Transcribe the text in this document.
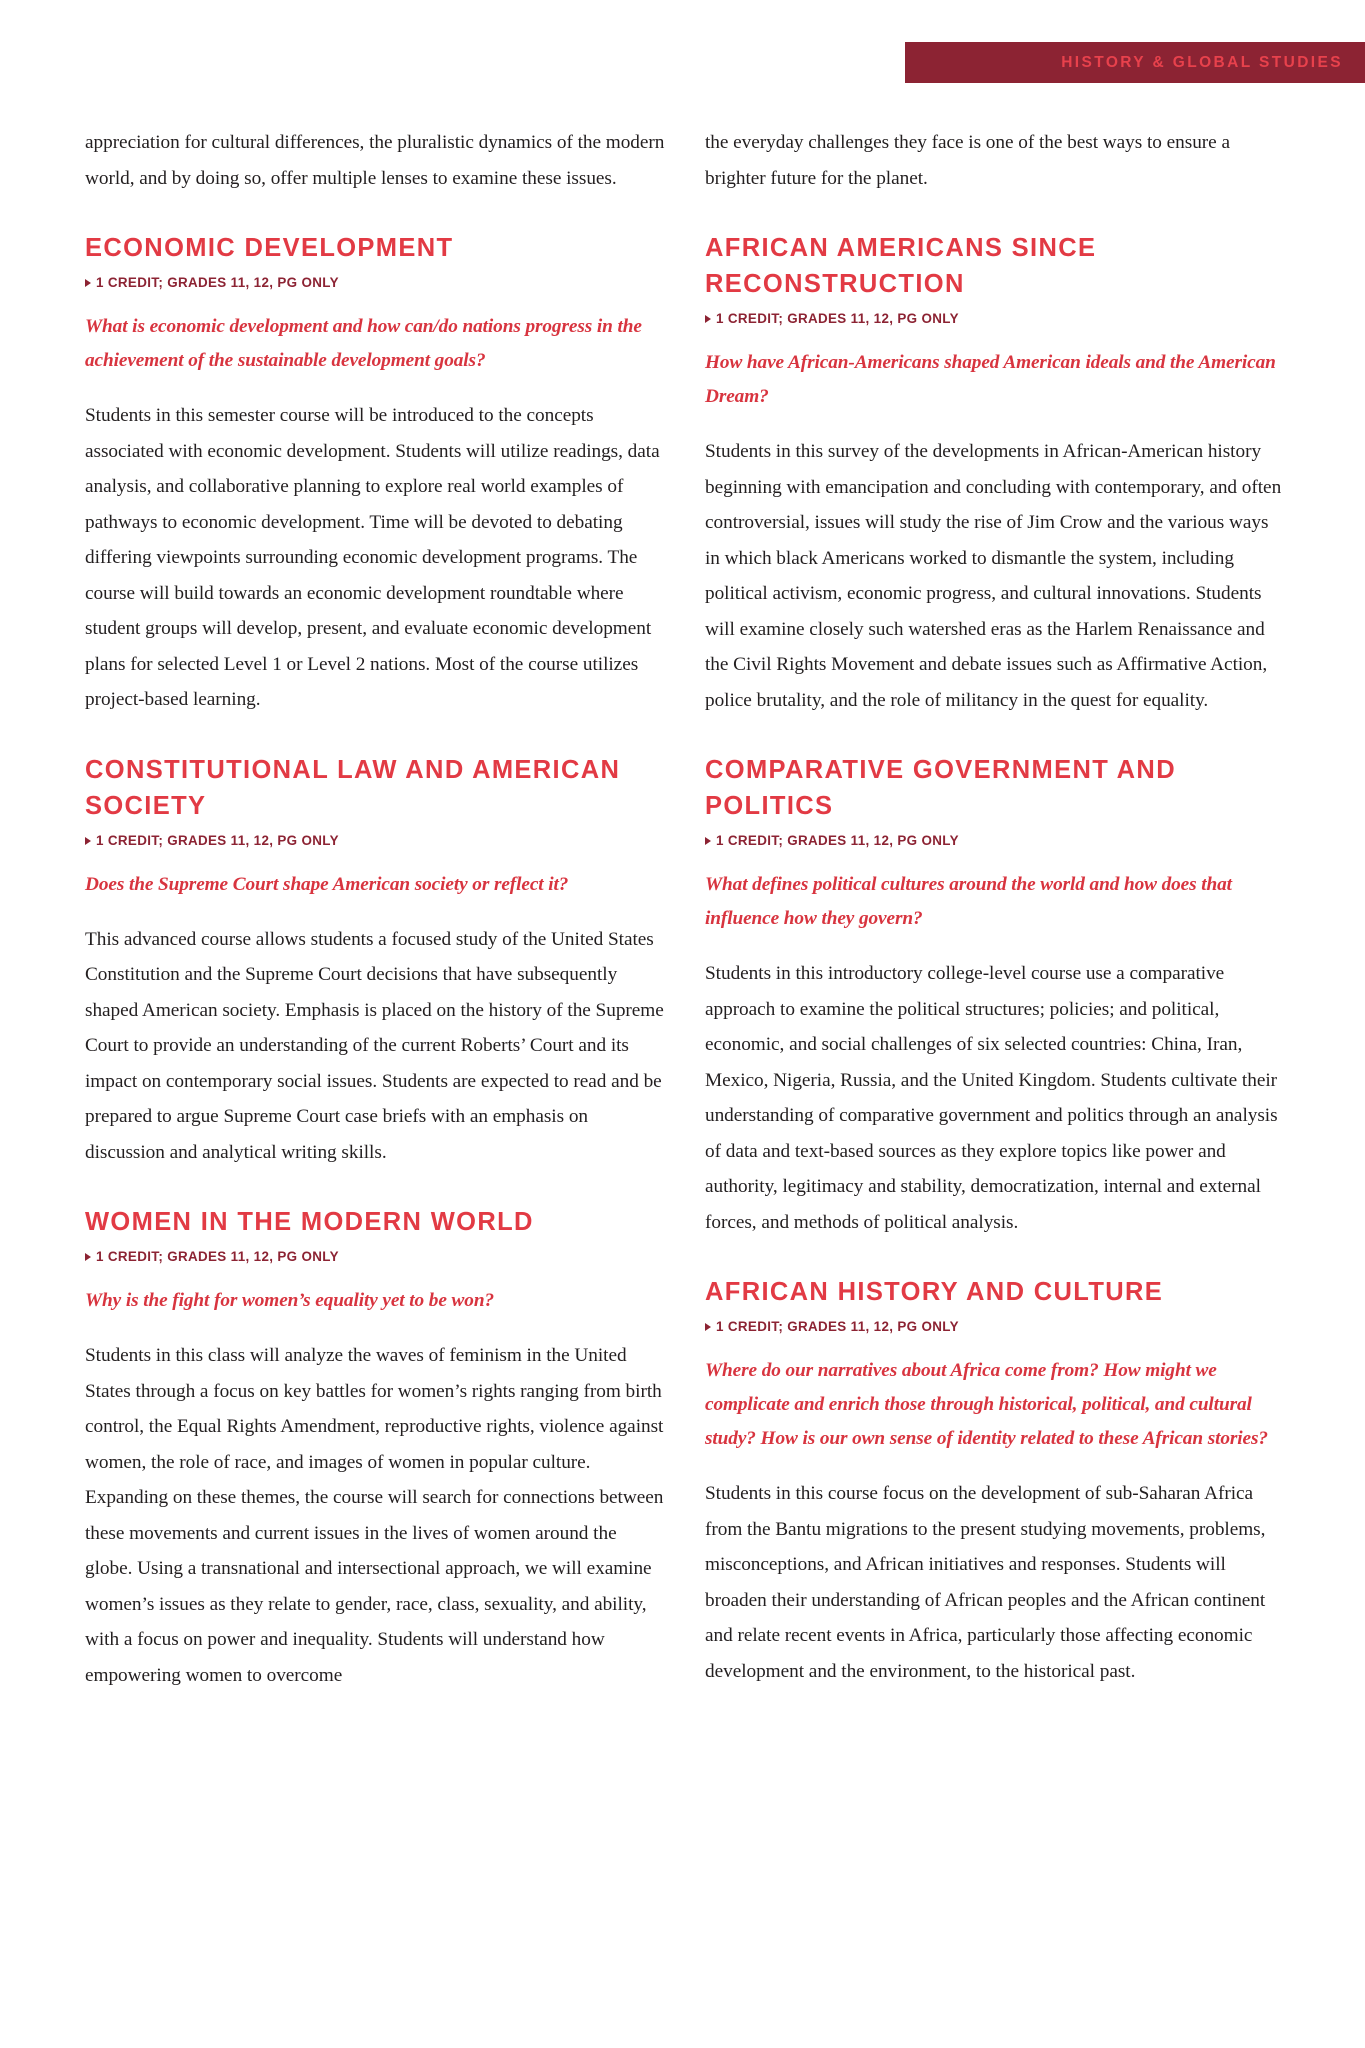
HISTORY & GLOBAL STUDIES

appreciation for cultural differences, the pluralistic dynamics of the modern world, and by doing so, offer multiple lenses to examine these issues.

ECONOMIC DEVELOPMENT
1 CREDIT; GRADES 11, 12, PG ONLY

What is economic development and how can/do nations progress in the achievement of the sustainable development goals?

Students in this semester course will be introduced to the concepts associated with economic development. Students will utilize readings, data analysis, and collaborative planning to explore real world examples of pathways to economic development. Time will be devoted to debating differing viewpoints surrounding economic development programs. The course will build towards an economic development roundtable where student groups will develop, present, and evaluate economic development plans for selected Level 1 or Level 2 nations. Most of the course utilizes project-based learning.

CONSTITUTIONAL LAW AND AMERICAN SOCIETY
1 CREDIT; GRADES 11, 12, PG ONLY

Does the Supreme Court shape American society or reflect it?

This advanced course allows students a focused study of the United States Constitution and the Supreme Court decisions that have subsequently shaped American society. Emphasis is placed on the history of the Supreme Court to provide an understanding of the current Roberts’ Court and its impact on contemporary social issues. Students are expected to read and be prepared to argue Supreme Court case briefs with an emphasis on discussion and analytical writing skills.

WOMEN IN THE MODERN WORLD
1 CREDIT; GRADES 11, 12, PG ONLY

Why is the fight for women’s equality yet to be won?

Students in this class will analyze the waves of feminism in the United States through a focus on key battles for women’s rights ranging from birth control, the Equal Rights Amendment, reproductive rights, violence against women, the role of race, and images of women in popular culture. Expanding on these themes, the course will search for connections between these movements and current issues in the lives of women around the globe. Using a transnational and intersectional approach, we will examine women’s issues as they relate to gender, race, class, sexuality, and ability, with a focus on power and inequality. Students will understand how empowering women to overcome

the everyday challenges they face is one of the best ways to ensure a brighter future for the planet.

AFRICAN AMERICANS SINCE RECONSTRUCTION
1 CREDIT; GRADES 11, 12, PG ONLY

How have African-Americans shaped American ideals and the American Dream?

Students in this survey of the developments in African-American history beginning with emancipation and concluding with contemporary, and often controversial, issues will study the rise of Jim Crow and the various ways in which black Americans worked to dismantle the system, including political activism, economic progress, and cultural innovations. Students will examine closely such watershed eras as the Harlem Renaissance and the Civil Rights Movement and debate issues such as Affirmative Action, police brutality, and the role of militancy in the quest for equality.

COMPARATIVE GOVERNMENT AND POLITICS
1 CREDIT; GRADES 11, 12, PG ONLY

What defines political cultures around the world and how does that influence how they govern?

Students in this introductory college-level course use a comparative approach to examine the political structures; policies; and political, economic, and social challenges of six selected countries: China, Iran, Mexico, Nigeria, Russia, and the United Kingdom. Students cultivate their understanding of comparative government and politics through an analysis of data and text-based sources as they explore topics like power and authority, legitimacy and stability, democratization, internal and external forces, and methods of political analysis.

AFRICAN HISTORY AND CULTURE
1 CREDIT; GRADES 11, 12, PG ONLY

Where do our narratives about Africa come from? How might we complicate and enrich those through historical, political, and cultural study? How is our own sense of identity related to these African stories?

Students in this course focus on the development of sub-Saharan Africa from the Bantu migrations to the present studying movements, problems, misconceptions, and African initiatives and responses. Students will broaden their understanding of African peoples and the African continent and relate recent events in Africa, particularly those affecting economic development and the environment, to the historical past.
